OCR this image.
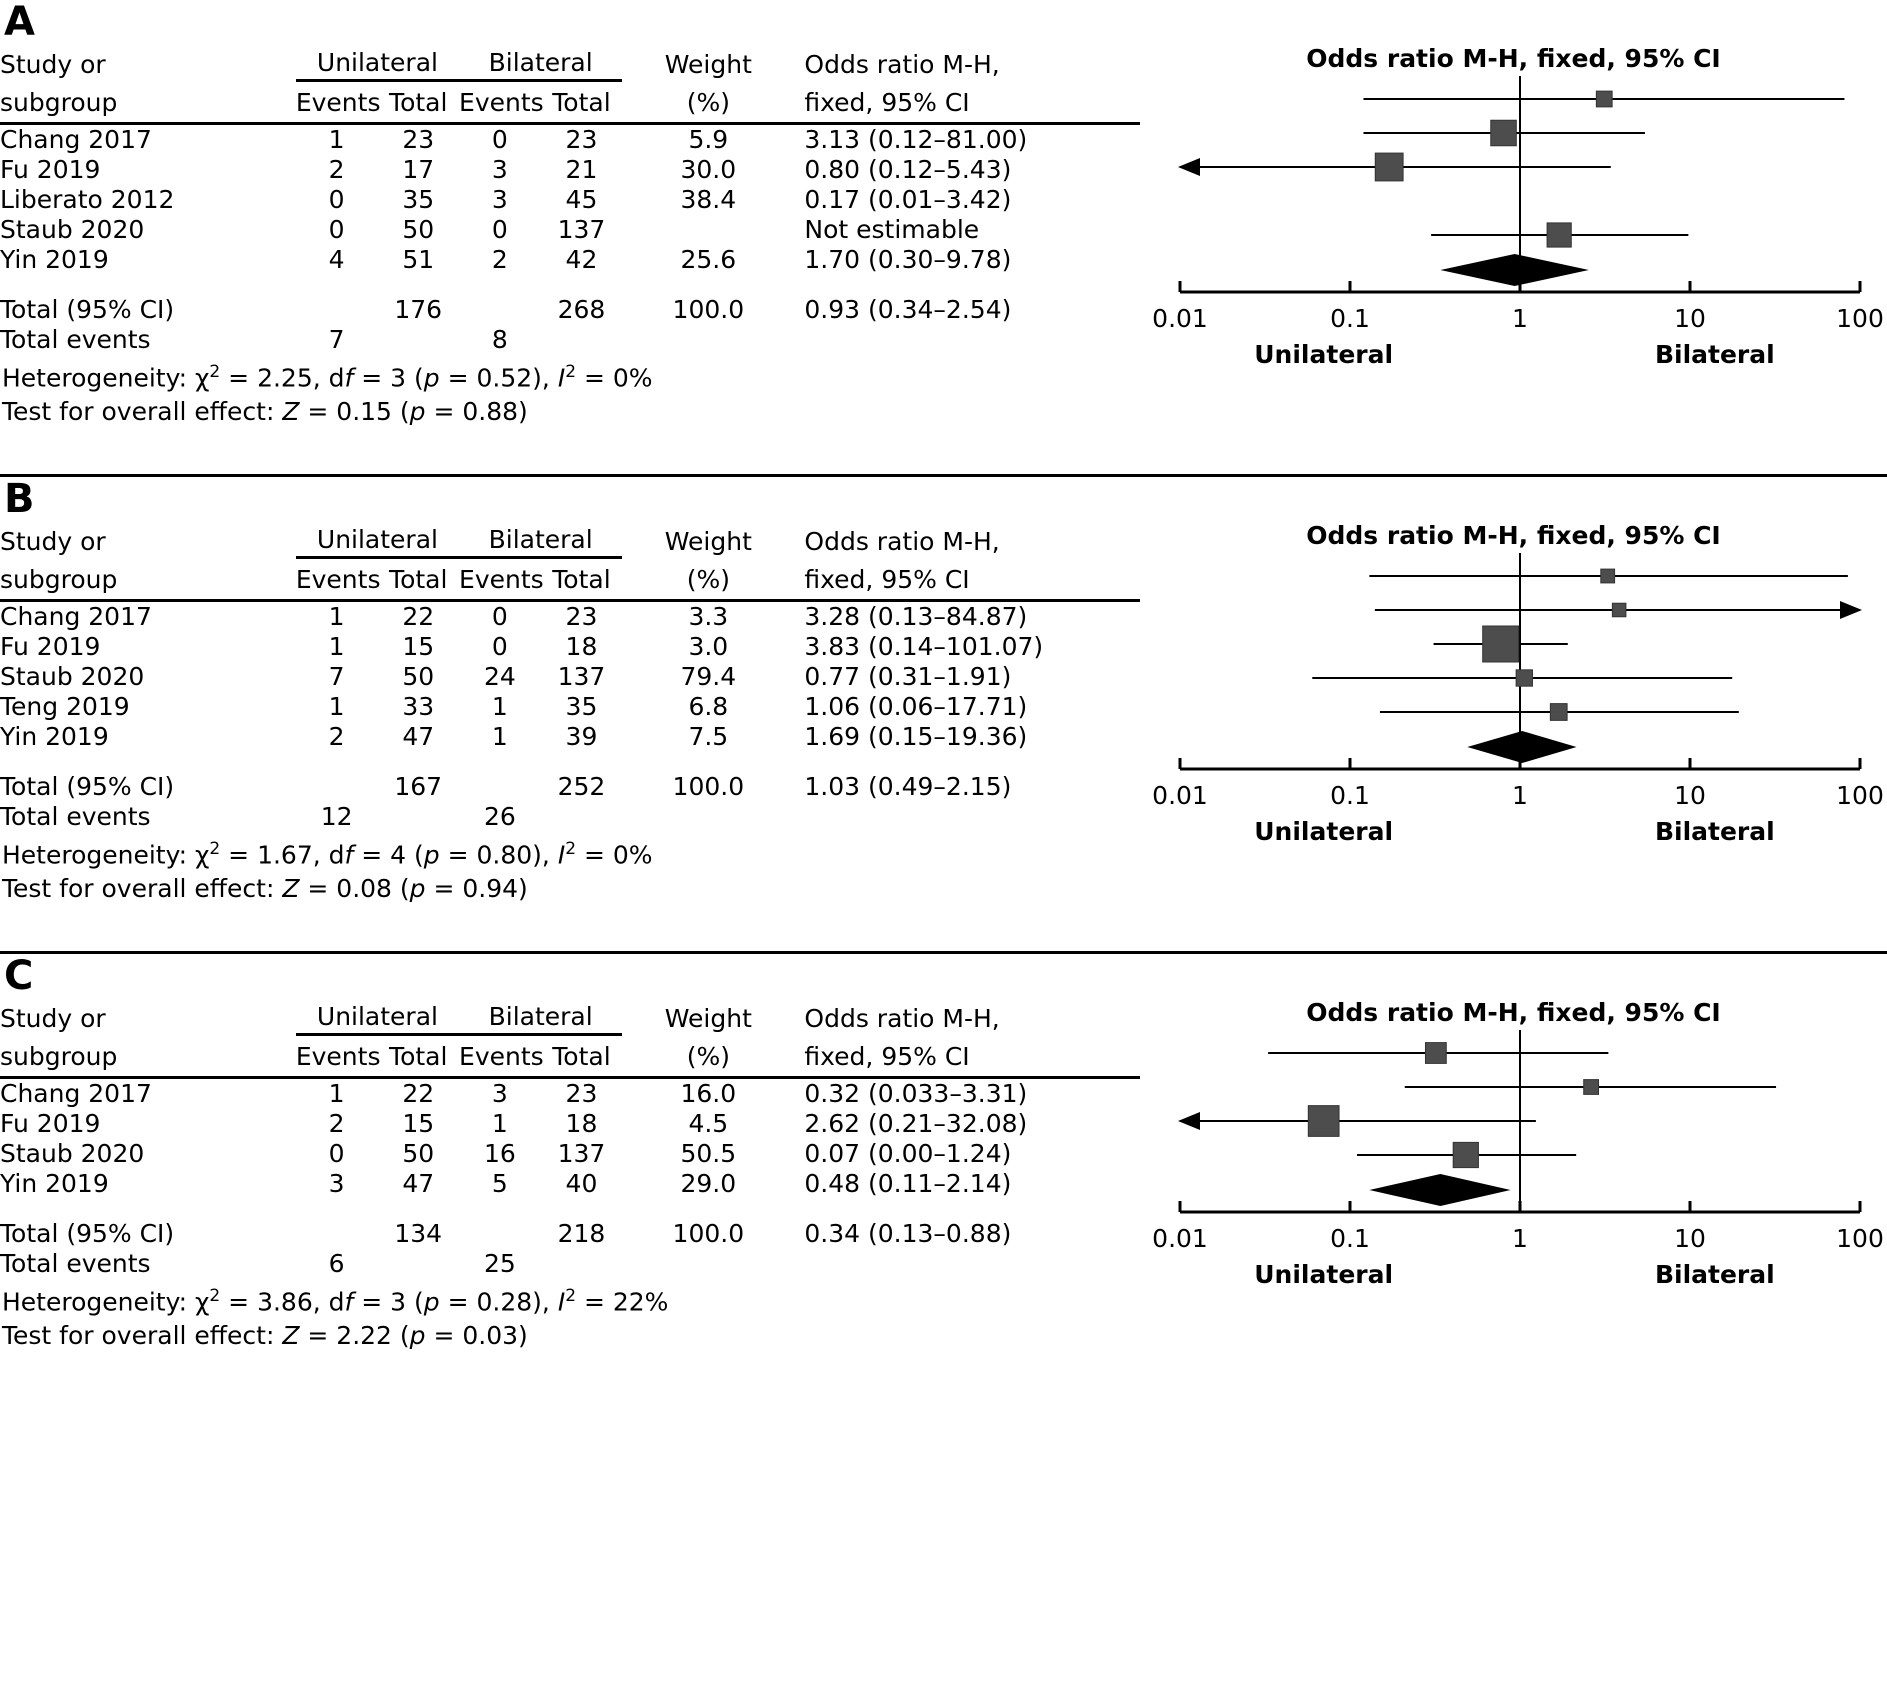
A
Study or	Unilateral		Bilateral		Weight	Odds ratio M-H,
subgroup	Events	Total	Events	Total	(%)	fixed, 95% CI

Chang 2017	1	23	0	23	5.9	3.13 (0.12–81.00)
Fu 2019	2	17	3	21	30.0	0.80 (0.12–5.43)
Liberato 2012	0	35	3	45	38.4	0.17 (0.01–3.42)
Staub 2020	0	50	0	137		Not estimable
Yin 2019	4	51	2	42	25.6	1.70 (0.30–9.78)

Total (95% CI)		176		268	100.0	0.93 (0.34–2.54)
Total events	7		8			
Heterogeneity: $\chi^2 = 2.25$, df = 3 (p = 0.52), $I^2 = 0\%$
Test for overall effect: Z = 0.15 (p = 0.88)
Odds ratio M-H, fixed, 95% CI
0.01	0.1	1	10	100
Unilateral	Bilateral
B
Study or	Unilateral		Bilateral		Weight	Odds ratio M-H,
subgroup	Events	Total	Events	Total	(%)	fixed, 95% CI

Chang 2017	1	22	0	23	3.3	3.28 (0.13–84.87)
Fu 2019	1	15	0	18	3.0	3.83 (0.14–101.07)
Staub 2020	7	50	24	137	79.4	0.77 (0.31–1.91)
Teng 2019	1	33	1	35	6.8	1.06 (0.06–17.71)
Yin 2019	2	47	1	39	7.5	1.69 (0.15–19.36)

Total (95% CI)		167		252	100.0	1.03 (0.49–2.15)
Total events	12		26			
Heterogeneity: $\chi^2 = 1.67$, df = 4 (p = 0.80), $I^2 = 0\%$
Test for overall effect: Z = 0.08 (p = 0.94)
Odds ratio M-H, fixed, 95% CI
0.01	0.1	1	10	100
Unilateral	Bilateral
C
Study or	Unilateral		Bilateral		Weight	Odds ratio M-H,
subgroup	Events	Total	Events	Total	(%)	fixed, 95% CI

Chang 2017	1	22	3	23	16.0	0.32 (0.033–3.31)
Fu 2019	2	15	1	18	4.5	2.62 (0.21–32.08)
Staub 2020	0	50	16	137	50.5	0.07 (0.00–1.24)
Yin 2019	3	47	5	40	29.0	0.48 (0.11–2.14)

Total (95% CI)		134		218	100.0	0.34 (0.13–0.88)
Total events	6		25			
Heterogeneity: $\chi^2 = 3.86$, df = 3 (p = 0.28), $I^2 = 22\%$
Test for overall effect: Z = 2.22 (p = 0.03)
Odds ratio M-H, fixed, 95% CI
0.01	0.1	1	10	100
Unilateral	Bilateral
